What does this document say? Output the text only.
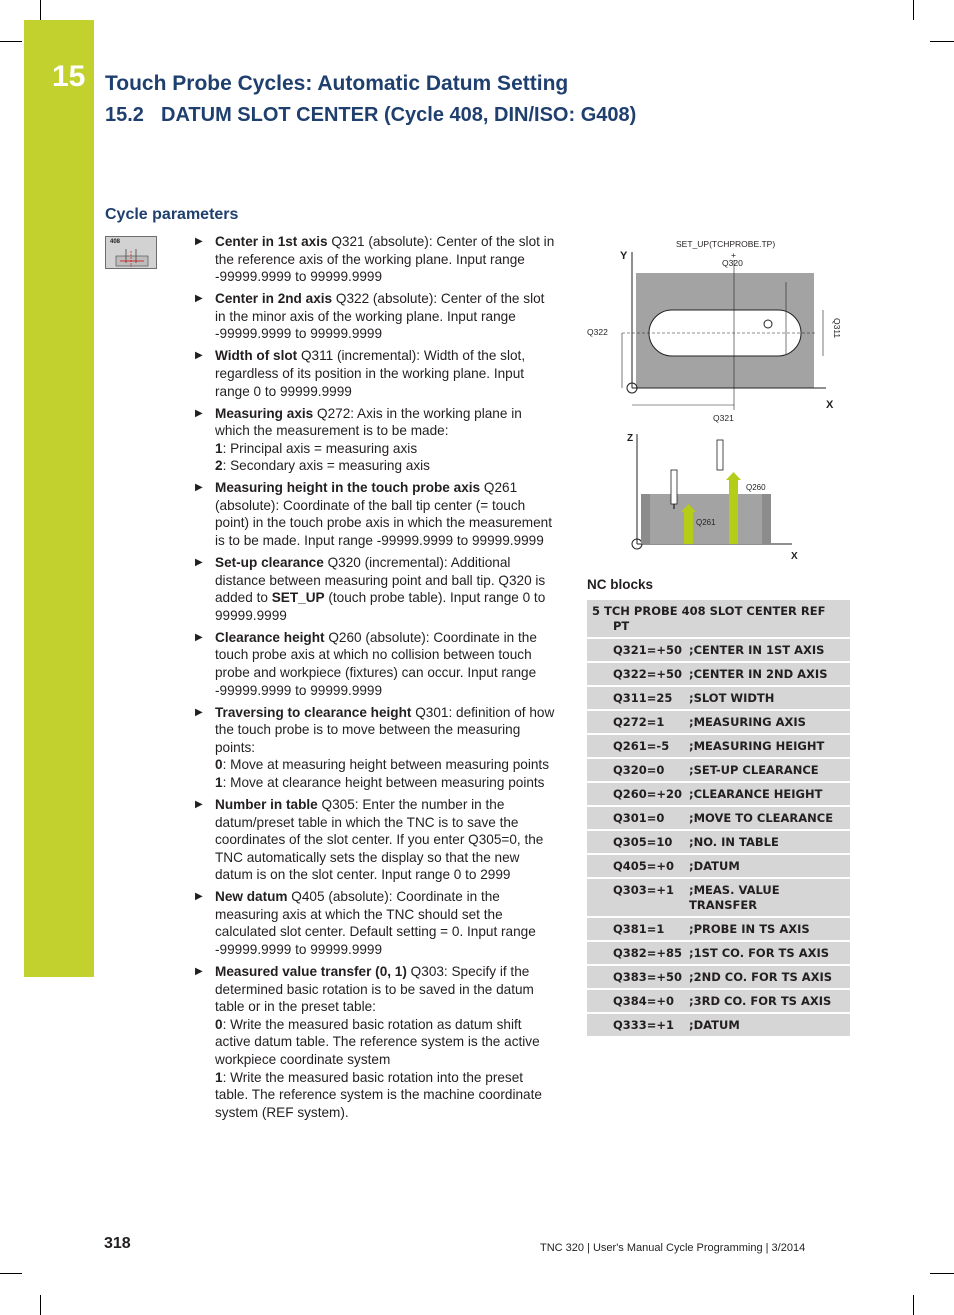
15 Touch Probe Cycles: Automatic Datum Setting
15.2 DATUM SLOT CENTER (Cycle 408, DIN/ISO: G408)
Cycle parameters
408	▶ Center in 1st axis Q321 (absolute): Center of the slot in the reference axis of the working plane. Input range -99999.9999 to 99999.9999
▶ Center in 2nd axis Q322 (absolute): Center of the slot in the minor axis of the working plane. Input range -99999.9999 to 99999.9999
▶ Width of slot Q311 (incremental): Width of the slot, regardless of its position in the working plane. Input range 0 to 99999.9999
▶ Measuring axis Q272: Axis in the working plane in which the measurement is to be made:
1: Principal axis = measuring axis
2: Secondary axis = measuring axis
▶ Measuring height in the touch probe axis Q261 (absolute): Coordinate of the ball tip center (= touch point) in the touch probe axis in which the measurement is to be made. Input range -99999.9999 to 99999.9999
▶ Set-up clearance Q320 (incremental): Additional distance between measuring point and ball tip. Q320 is added to SET_UP (touch probe table). Input range 0 to 99999.9999
▶ Clearance height Q260 (absolute): Coordinate in the touch probe axis at which no collision between touch probe and workpiece (fixtures) can occur. Input range -99999.9999 to 99999.9999
▶ Traversing to clearance height Q301: definition of how the touch probe is to move between the measuring points:
0: Move at measuring height between measuring points
1: Move at clearance height between measuring points
▶ Number in table Q305: Enter the number in the datum/preset table in which the TNC is to save the coordinates of the slot center. If you enter Q305=0, the TNC automatically sets the display so that the new datum is on the slot center. Input range 0 to 2999
▶ New datum Q405 (absolute): Coordinate in the measuring axis at which the TNC should set the calculated slot center. Default setting = 0. Input range -99999.9999 to 99999.9999
▶ Measured value transfer (0, 1) Q303: Specify if the determined basic rotation is to be saved in the datum table or in the preset table:
0: Write the measured basic rotation as datum shift active datum table. The reference system is the active workpiece coordinate system
1: Write the measured basic rotation into the preset table. The reference system is the machine coordinate system (REF system).
Y
X
SET_UP(TCHPROBE.TP)
+
Q320
Q322	Q311
Q321
Z
X
Q260
Q261
NC blocks
5 TCH PROBE 408 SLOT CENTER REF
PT	

Q321=+50	;CENTER IN 1ST AXIS
Q322=+50	;CENTER IN 2ND AXIS
Q311=25	;SLOT WIDTH
Q272=1	;MEASURING AXIS
Q261=-5	;MEASURING HEIGHT
Q320=0	;SET-UP CLEARANCE
Q260=+20	;CLEARANCE HEIGHT
Q301=0	;MOVE TO CLEARANCE
Q305=10	;NO. IN TABLE
Q405=+0	;DATUM
Q303=+1	;MEAS. VALUE TRANSFER
Q381=1	;PROBE IN TS AXIS
Q382=+85	;1ST CO. FOR TS AXIS
Q383=+50	;2ND CO. FOR TS AXIS
Q384=+0	;3RD CO. FOR TS AXIS
Q333=+1	;DATUM
318	TNC 320 | User's Manual Cycle Programming | 3/2014
